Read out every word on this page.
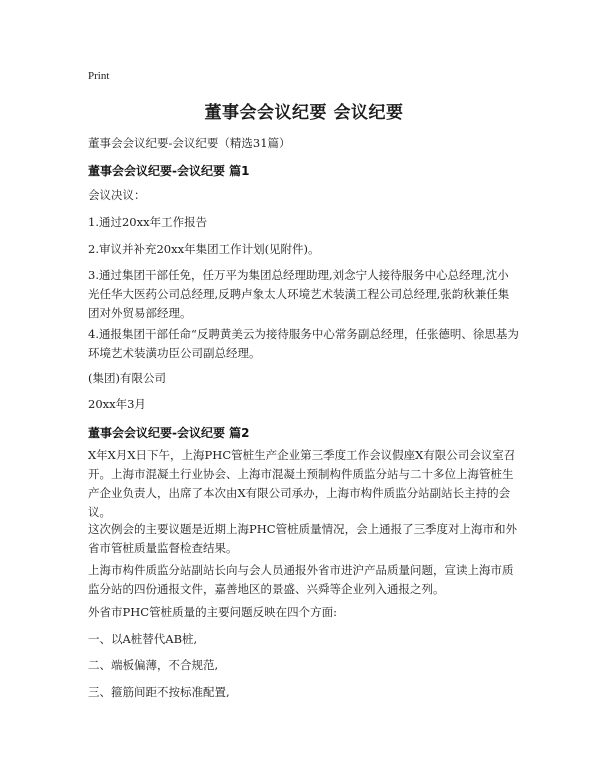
Print
董事会会议纪要 会议纪要
董事会会议纪要-会议纪要（精选31篇）
董事会会议纪要-会议纪要 篇1
会议决议：
1.通过20xx年工作报告
2.审议并补充20xx年集团工作计划(见附件)。
3.通过集团干部任免，任万平为集团总经理助理,刘念宁人接待服务中心总经理,沈小光任华大医药公司总经理,反聘卢象太人环境艺术装潢工程公司总经理,张韵秋兼任集团对外贸易部经理。
4.通报集团干部任命“反聘黄美云为接待服务中心常务副总经理，任张德明、徐思基为环境艺术装潢功臣公司副总经理。
(集团)有限公司
20xx年3月
董事会会议纪要-会议纪要 篇2
X年X月X日下午，上海PHC管桩生产企业第三季度工作会议假座X有限公司会议室召开。上海市混凝土行业协会、上海市混凝土预制构件质监分站与二十多位上海管桩生产企业负责人，出席了本次由X有限公司承办，上海市构件质监分站副站长主持的会议。
这次例会的主要议题是近期上海PHC管桩质量情况，会上通报了三季度对上海市和外省市管桩质量监督检查结果。
上海市构件质监分站副站长向与会人员通报外省市进沪产品质量问题，宣读上海市质监分站的四份通报文件，嘉善地区的景盛、兴舜等企业列入通报之列。
外省市PHC管桩质量的主要问题反映在四个方面:
一、以A桩替代AB桩,
二、端板偏薄，不合规范,
三、箍筋间距不按标准配置,
